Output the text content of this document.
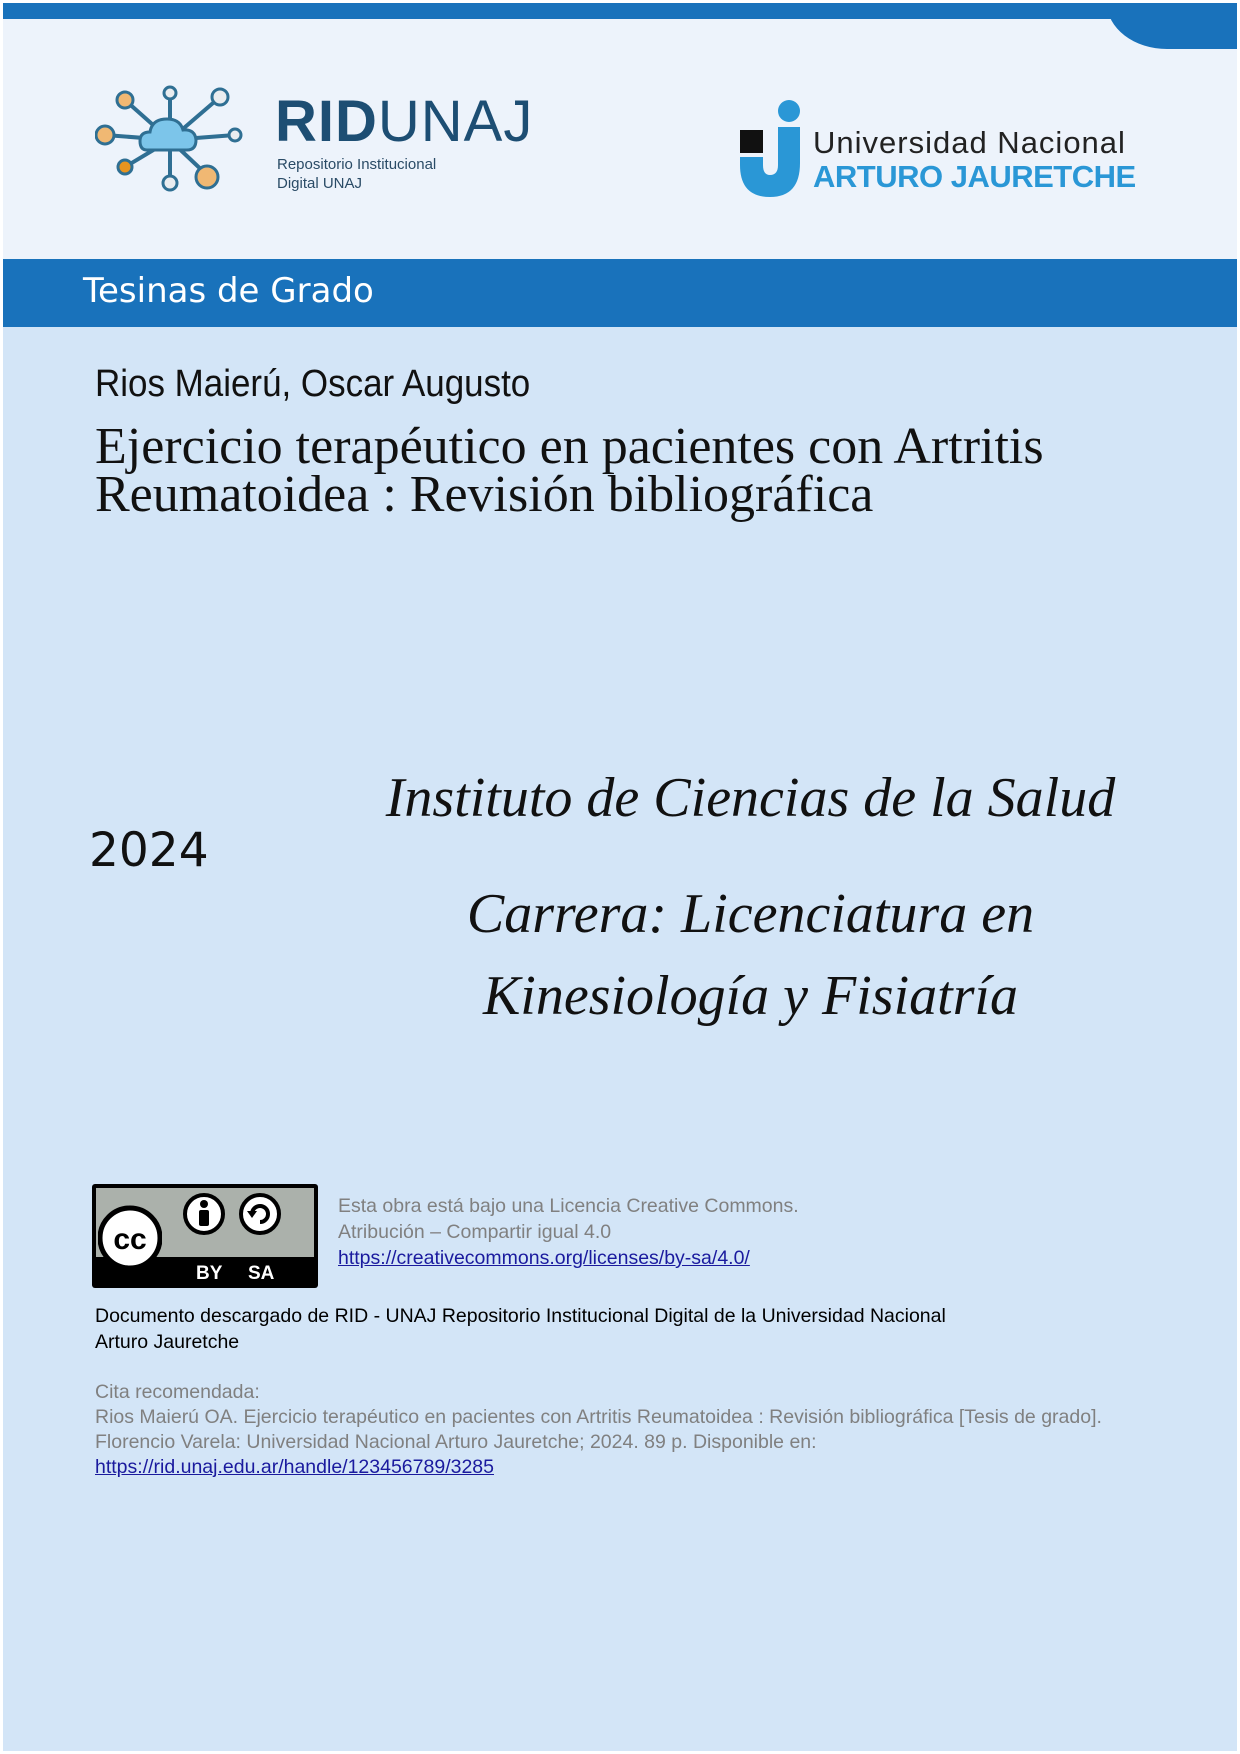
RIDUNAJ
Repositorio Institucional
Digital UNAJ
Universidad Nacional
ARTURO JAURETCHE
Tesinas de Grado
Rios Maierú, Oscar Augusto
Ejercicio terapéutico en pacientes con Artritis Reumatoidea : Revisión bibliográfica
2024
Instituto de Ciencias de la Salud
Carrera: Licenciatura en Kinesiología y Fisiatría
cc
BY SA
Esta obra está bajo una Licencia Creative Commons.
Atribución – Compartir igual 4.0
https://creativecommons.org/licenses/by-sa/4.0/
Documento descargado de RID - UNAJ Repositorio Institucional Digital de la Universidad Nacional Arturo Jauretche
Cita recomendada:
Rios Maierú OA. Ejercicio terapéutico en pacientes con Artritis Reumatoidea : Revisión bibliográfica [Tesis de grado]. Florencio Varela: Universidad Nacional Arturo Jauretche; 2024. 89 p. Disponible en:
https://rid.unaj.edu.ar/handle/123456789/3285
